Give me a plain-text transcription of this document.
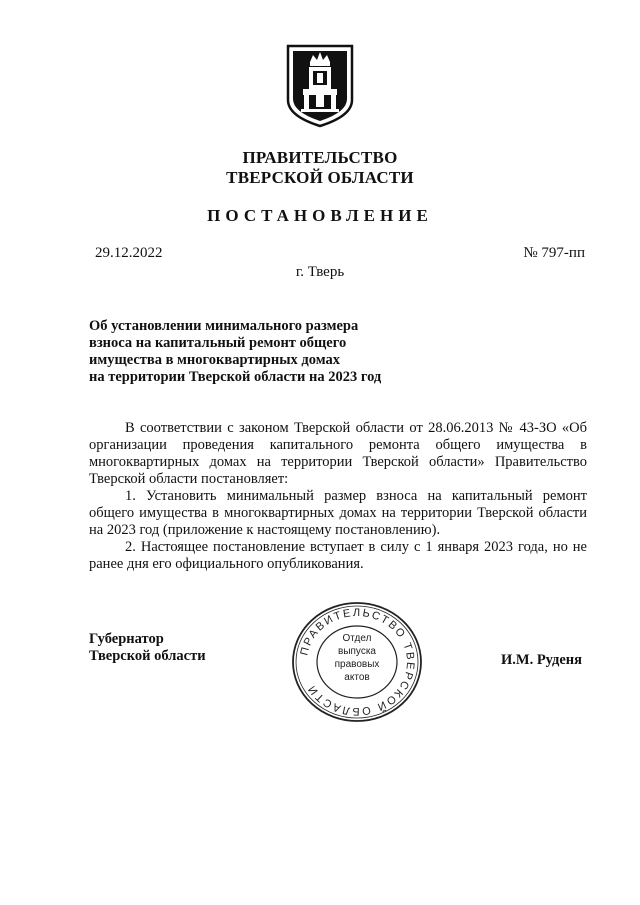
ПРАВИТЕЛЬСТВО
ТВЕРСКОЙ ОБЛАСТИ
ПОСТАНОВЛЕНИЕ
29.12.2022	№ 797-пп
г. Тверь
Об установлении минимального размера
взноса на капитальный ремонт общего
имущества в многоквартирных домах
на территории Тверской области на 2023 год

В соответствии с законом Тверской области от 28.06.2013 № 43-ЗО «Об организации проведения капитального ремонта общего имущества в многоквартирных домах на территории Тверской области» Правительство Тверской области постановляет:

1. Установить минимальный размер взноса на капитальный ремонт общего имущества в многоквартирных домах на территории Тверской области на 2023 год (приложение к настоящему постановлению).

2. Настоящее постановление вступает в силу с 1 января 2023 года, но не ранее дня его официального опубликования.

Губернатор
Тверской области	И.М. Руденя
ПРАВИТЕЛЬСТВО ТВЕРСКОЙ ОБЛАСТИ
Отдел
выпуска
правовых
актов
